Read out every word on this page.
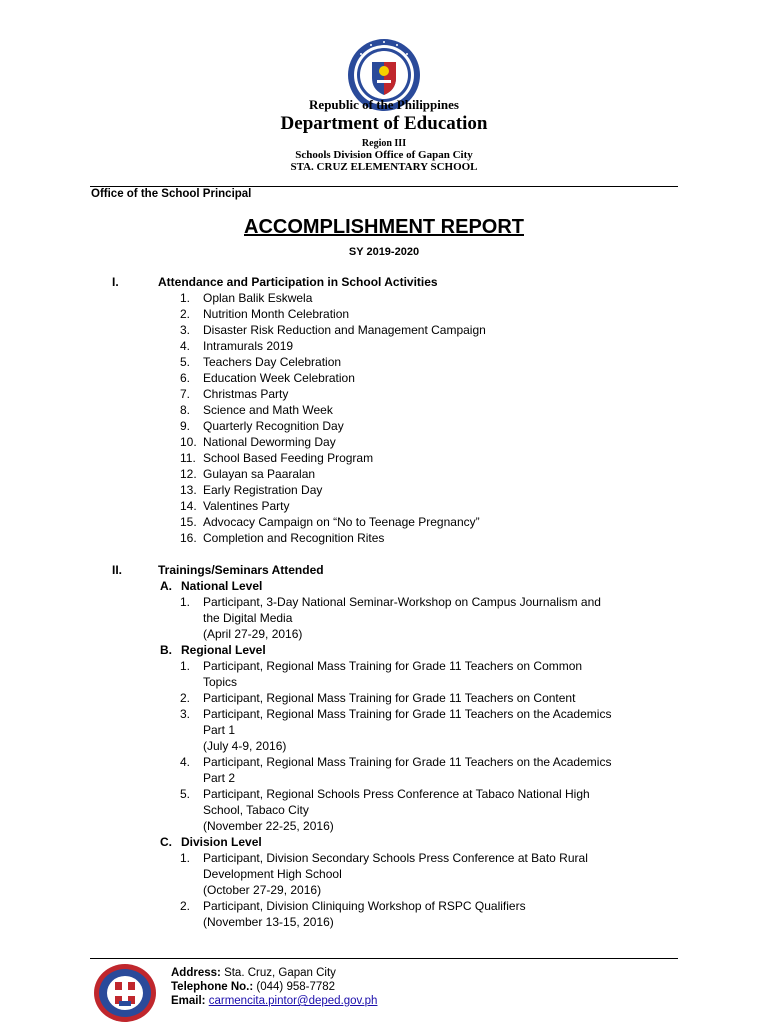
Republic of the Philippines
Department of Education
Region III
Schools Division Office of Gapan City
STA. CRUZ ELEMENTARY SCHOOL
Office of the School Principal
ACCOMPLISHMENT REPORT
SY 2019-2020
I.	Attendance and Participation in School Activities
1. Oplan Balik Eskwela
2. Nutrition Month Celebration
3. Disaster Risk Reduction and Management Campaign
4. Intramurals 2019
5. Teachers Day Celebration
6. Education Week Celebration
7. Christmas Party
8. Science and Math Week
9. Quarterly Recognition Day
10. National Deworming Day
11. School Based Feeding Program
12. Gulayan sa Paaralan
13. Early Registration Day
14. Valentines Party
15. Advocacy Campaign on “No to Teenage Pregnancy”
16. Completion and Recognition Rites
II.	Trainings/Seminars Attended
A. National Level
1. Participant, 3-Day National Seminar-Workshop on Campus Journalism and
the Digital Media
(April 27-29, 2016)
B. Regional Level
1. Participant, Regional Mass Training for Grade 11 Teachers on Common
Topics
2. Participant, Regional Mass Training for Grade 11 Teachers on Content
3. Participant, Regional Mass Training for Grade 11 Teachers on the Academics
Part 1
(July 4-9, 2016)
4. Participant, Regional Mass Training for Grade 11 Teachers on the Academics
Part 2
5. Participant, Regional Schools Press Conference at Tabaco National High
School, Tabaco City
(November 22-25, 2016)
C. Division Level
1. Participant, Division Secondary Schools Press Conference at Bato Rural
Development High School
(October 27-29, 2016)
2. Participant, Division Cliniquing Workshop of RSPC Qualifiers
(November 13-15, 2016)
Address: Sta. Cruz, Gapan City
Telephone No.: (044) 958-7782
Email: carmencita.pintor@deped.gov.ph
